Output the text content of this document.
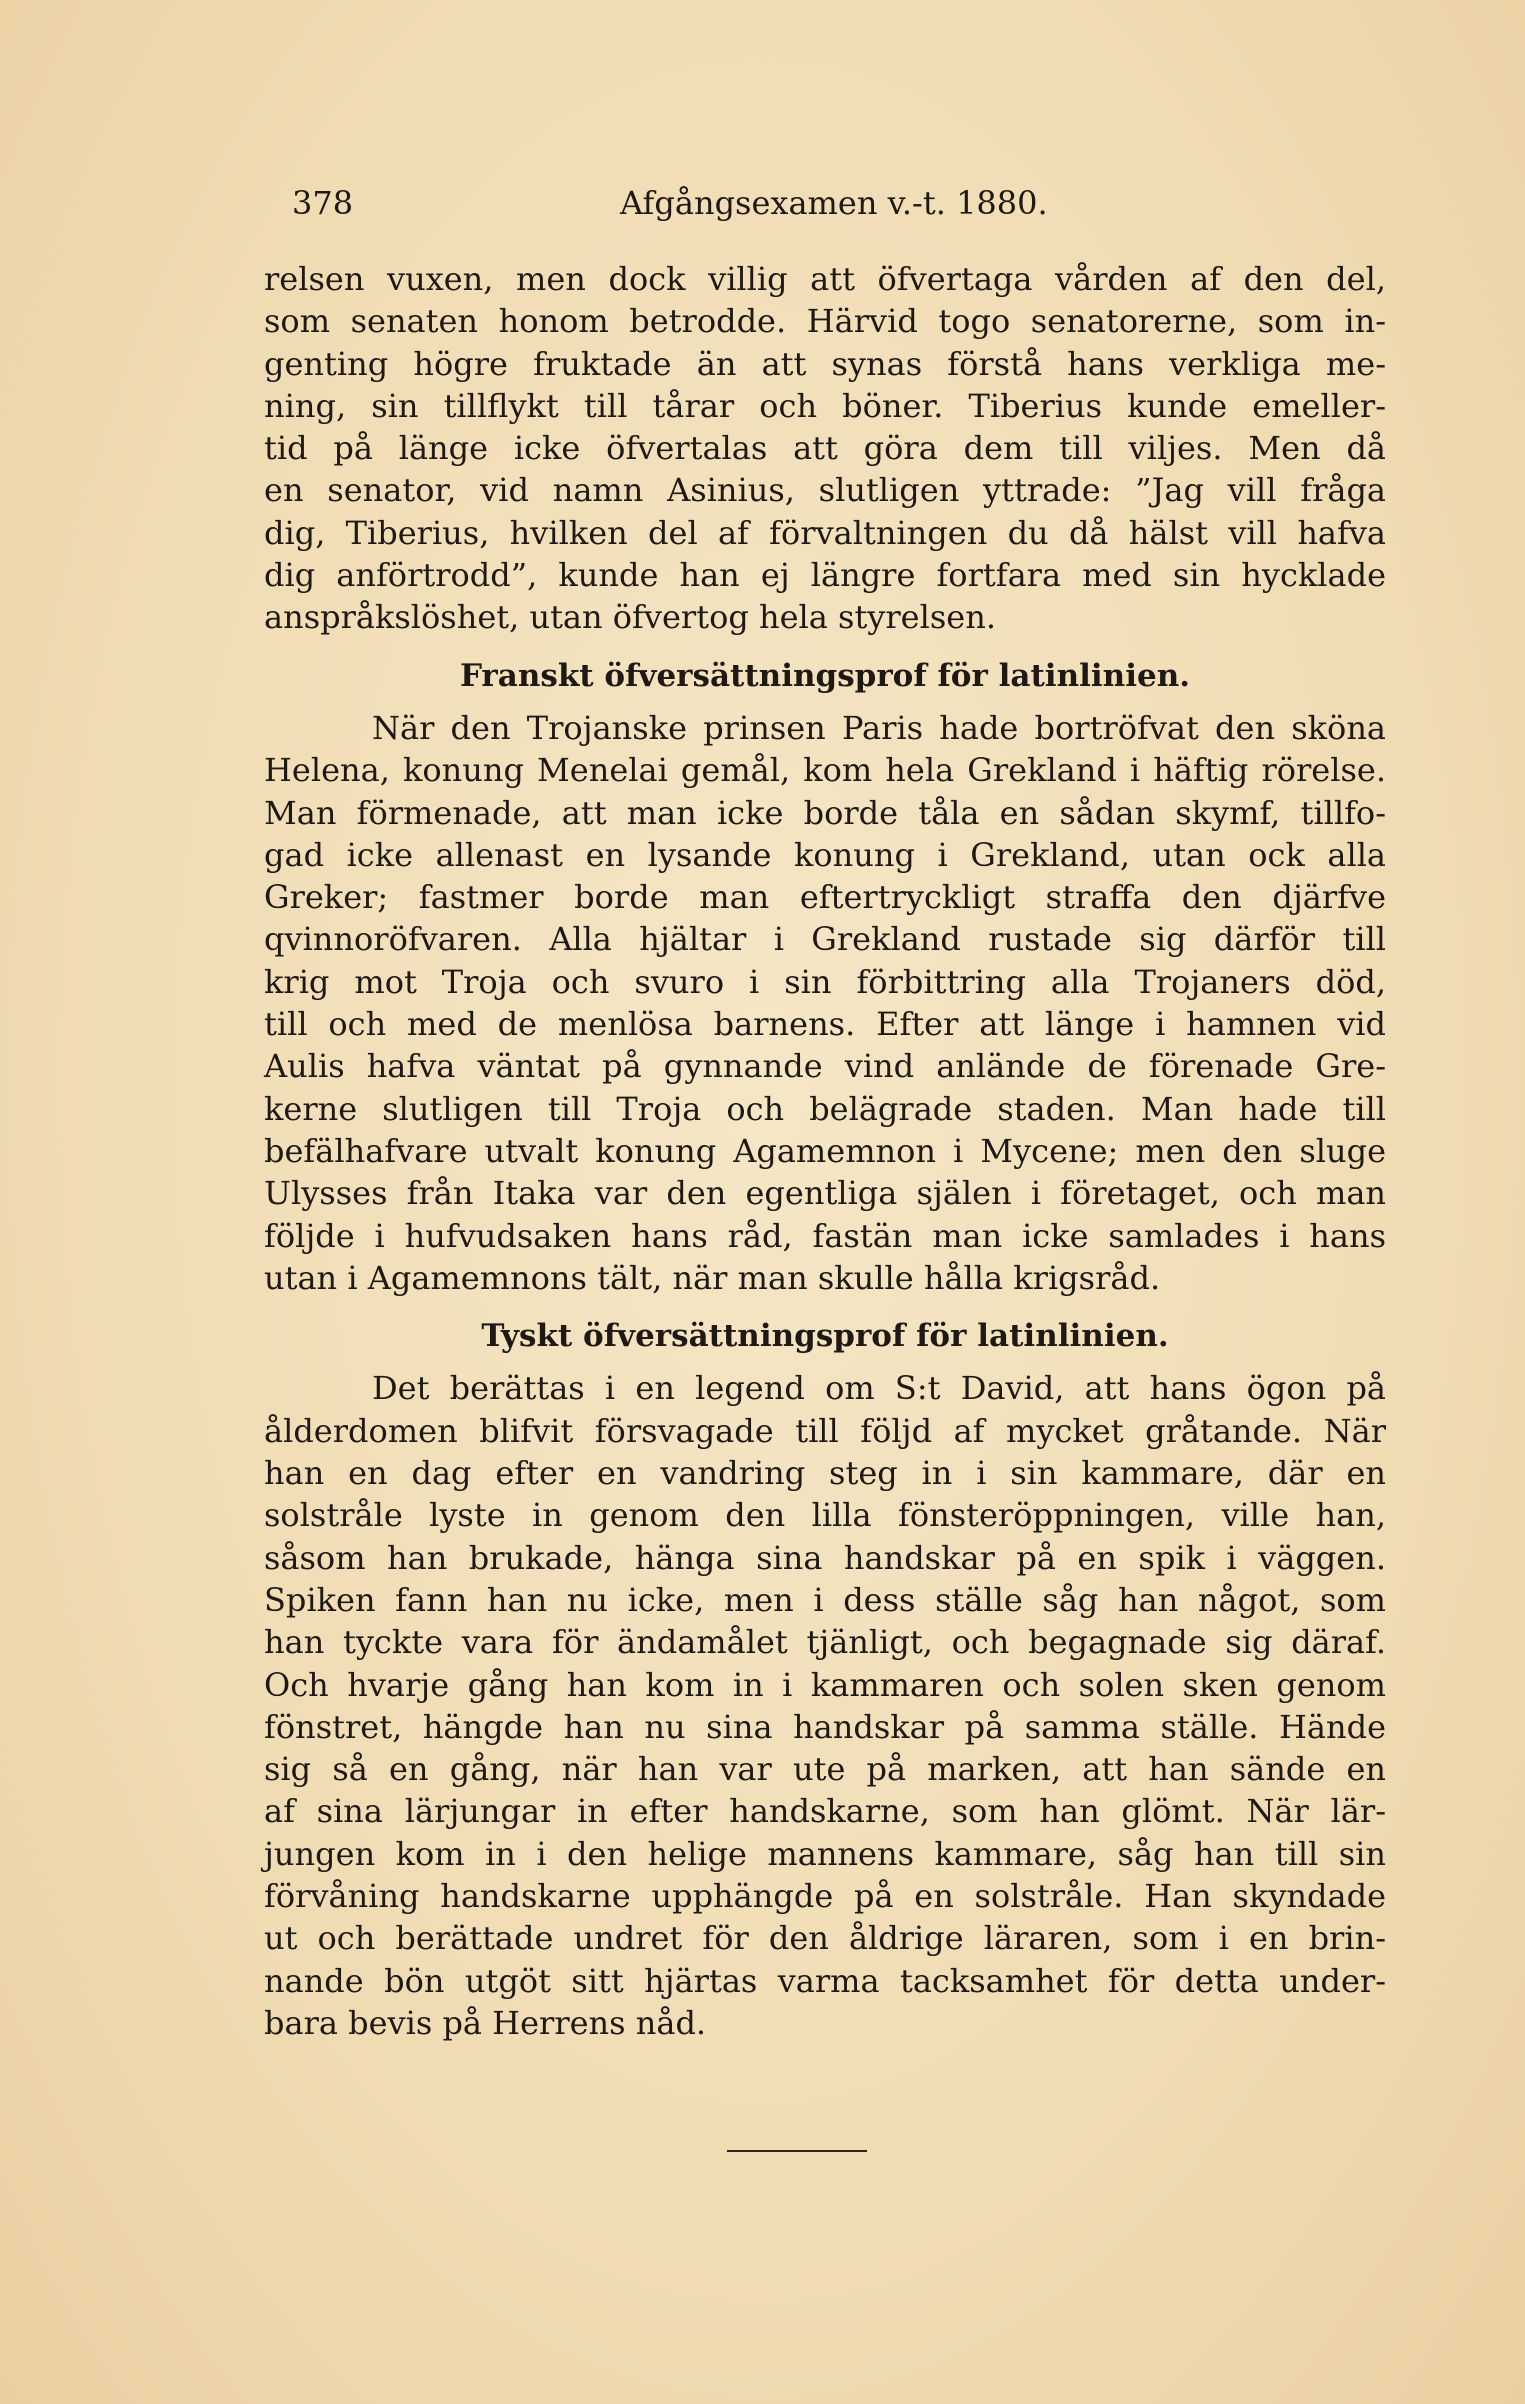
378	Afgångsexamen v.-t. 1880.
relsen vuxen, men dock villig att öfvertaga vården af den del,
som senaten honom betrodde. Härvid togo senatorerne, som in-
genting högre fruktade än att synas förstå hans verkliga me-
ning, sin tillflykt till tårar och böner. Tiberius kunde emeller-
tid på länge icke öfvertalas att göra dem till viljes. Men då
en senator, vid namn Asinius, slutligen yttrade: ”Jag vill fråga
dig, Tiberius, hvilken del af förvaltningen du då hälst vill hafva
dig anförtrodd”, kunde han ej längre fortfara med sin hycklade
anspråkslöshet, utan öfvertog hela styrelsen.
Franskt öfversättningsprof för latinlinien.
När den Trojanske prinsen Paris hade bortröfvat den sköna
Helena, konung Menelai gemål, kom hela Grekland i häftig rörelse.
Man förmenade, att man icke borde tåla en sådan skymf, tillfo-
gad icke allenast en lysande konung i Grekland, utan ock alla
Greker; fastmer borde man eftertryckligt straffa den djärfve
qvinnoröfvaren. Alla hjältar i Grekland rustade sig därför till
krig mot Troja och svuro i sin förbittring alla Trojaners död,
till och med de menlösa barnens. Efter att länge i hamnen vid
Aulis hafva väntat på gynnande vind anlände de förenade Gre-
kerne slutligen till Troja och belägrade staden. Man hade till
befälhafvare utvalt konung Agamemnon i Mycene; men den sluge
Ulysses från Itaka var den egentliga själen i företaget, och man
följde i hufvudsaken hans råd, fastän man icke samlades i hans
utan i Agamemnons tält, när man skulle hålla krigsråd.
Tyskt öfversättningsprof för latinlinien.
Det berättas i en legend om S:t David, att hans ögon på
ålderdomen blifvit försvagade till följd af mycket gråtande. När
han en dag efter en vandring steg in i sin kammare, där en
solstråle lyste in genom den lilla fönsteröppningen, ville han,
såsom han brukade, hänga sina handskar på en spik i väggen.
Spiken fann han nu icke, men i dess ställe såg han något, som
han tyckte vara för ändamålet tjänligt, och begagnade sig däraf.
Och hvarje gång han kom in i kammaren och solen sken genom
fönstret, hängde han nu sina handskar på samma ställe. Hände
sig så en gång, när han var ute på marken, att han sände en
af sina lärjungar in efter handskarne, som han glömt. När lär-
jungen kom in i den helige mannens kammare, såg han till sin
förvåning handskarne upphängde på en solstråle. Han skyndade
ut och berättade undret för den åldrige läraren, som i en brin-
nande bön utgöt sitt hjärtas varma tacksamhet för detta under-
bara bevis på Herrens nåd.
